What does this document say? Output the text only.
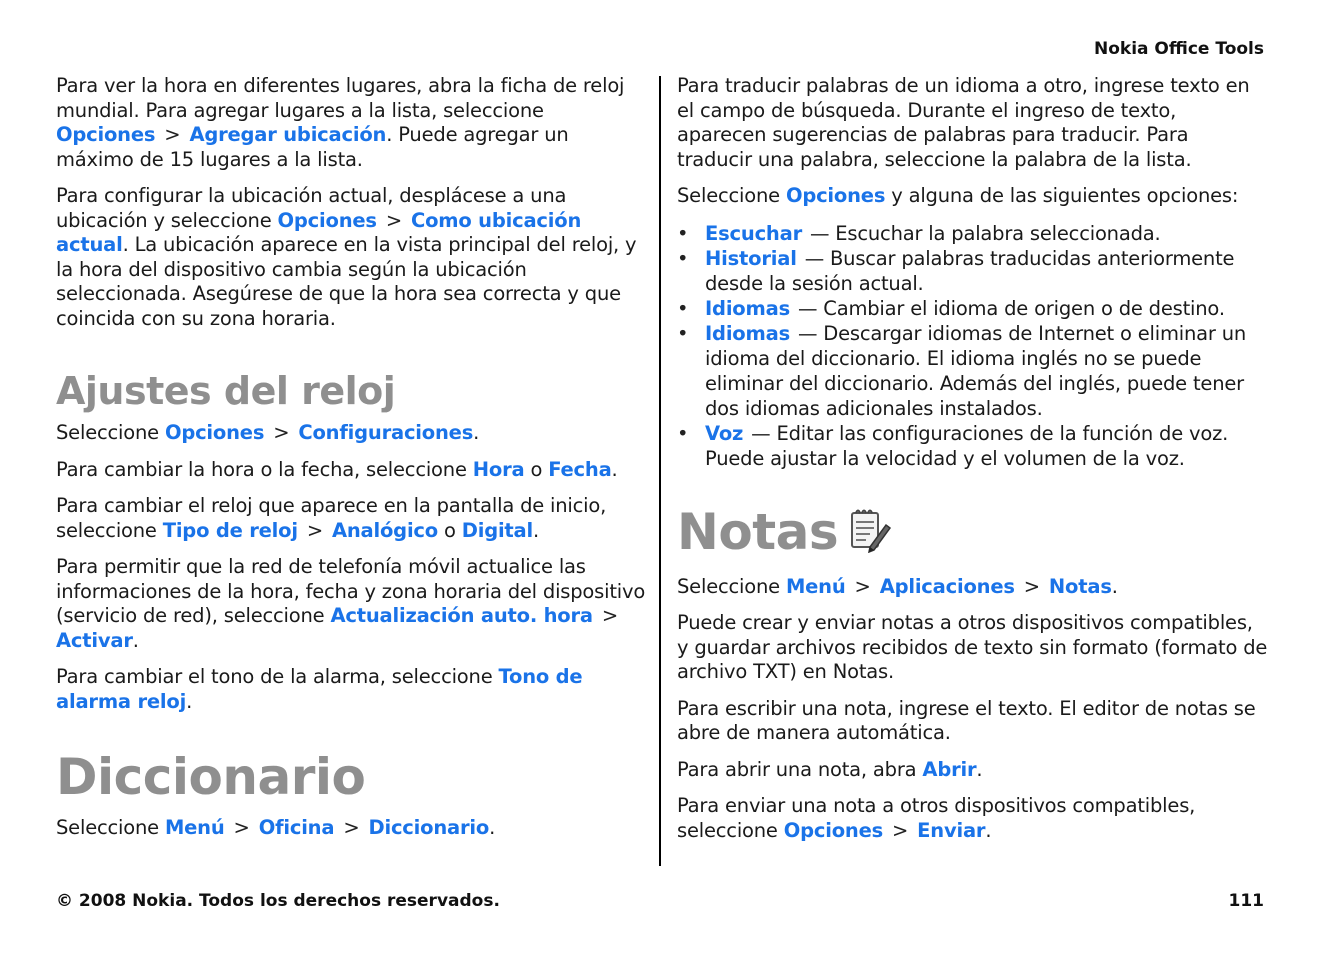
Nokia Office Tools

Para ver la hora en diferentes lugares, abra la ficha de reloj mundial. Para agregar lugares a la lista, seleccione Opciones > Agregar ubicación. Puede agregar un máximo de 15 lugares a la lista.

Para configurar la ubicación actual, desplácese a una ubicación y seleccione Opciones > Como ubicación actual. La ubicación aparece en la vista principal del reloj, y la hora del dispositivo cambia según la ubicación seleccionada. Asegúrese de que la hora sea correcta y que coincida con su zona horaria.

Ajustes del reloj

Seleccione Opciones > Configuraciones.

Para cambiar la hora o la fecha, seleccione Hora o Fecha.

Para cambiar el reloj que aparece en la pantalla de inicio, seleccione Tipo de reloj > Analógico o Digital.

Para permitir que la red de telefonía móvil actualice las informaciones de la hora, fecha y zona horaria del dispositivo (servicio de red), seleccione Actualización auto. hora >Activar.

Para cambiar el tono de la alarma, seleccione Tono de alarma reloj.

Diccionario

Seleccione Menú > Oficina > Diccionario.

Para traducir palabras de un idioma a otro, ingrese texto en el campo de búsqueda. Durante el ingreso de texto, aparecen sugerencias de palabras para traducir. Para traducir una palabra, seleccione la palabra de la lista.

Seleccione Opciones y alguna de las siguientes opciones:

• Escuchar — Escuchar la palabra seleccionada.
• Historial — Buscar palabras traducidas anteriormente desde la sesión actual.
• Idiomas — Cambiar el idioma de origen o de destino.
• Idiomas — Descargar idiomas de Internet o eliminar un idioma del diccionario. El idioma inglés no se puede eliminar del diccionario. Además del inglés, puede tener dos idiomas adicionales instalados.
• Voz — Editar las configuraciones de la función de voz. Puede ajustar la velocidad y el volumen de la voz.
Notas

Seleccione Menú > Aplicaciones > Notas.

Puede crear y enviar notas a otros dispositivos compatibles, y guardar archivos recibidos de texto sin formato (formato de archivo TXT) en Notas.

Para escribir una nota, ingrese el texto. El editor de notas se abre de manera automática.

Para abrir una nota, abra Abrir.

Para enviar una nota a otros dispositivos compatibles, seleccione Opciones > Enviar.

© 2008 Nokia. Todos los derechos reservados.	111
